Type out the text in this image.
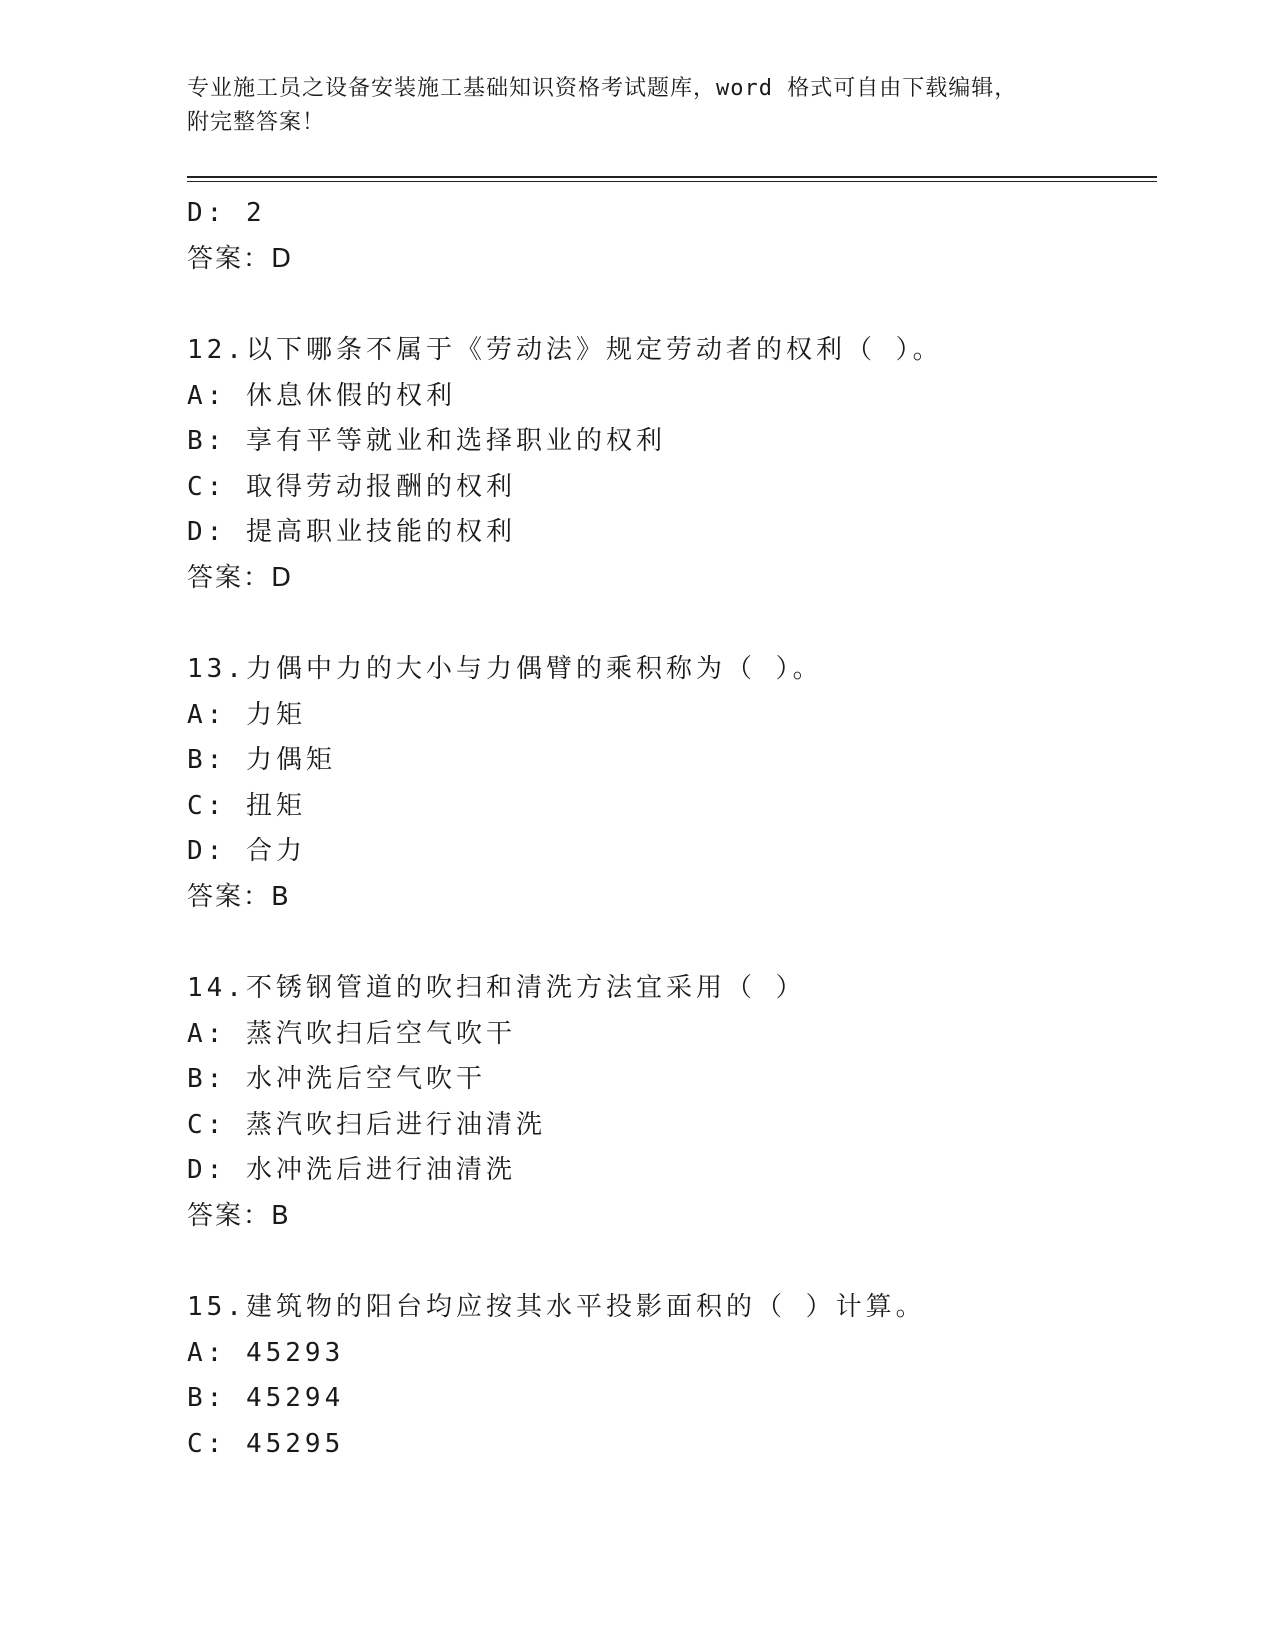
专业施工员之设备安装施工基础知识资格考试题库，word 格式可自由下载编辑，
附完整答案！
D: 2
答案：D
12.以下哪条不属于《劳动法》规定劳动者的权利（ ）。
A: 休息休假的权利
B: 享有平等就业和选择职业的权利
C: 取得劳动报酬的权利
D: 提高职业技能的权利
答案：D
13.力偶中力的大小与力偶臂的乘积称为（ ）。
A: 力矩
B: 力偶矩
C: 扭矩
D: 合力
答案：B
14.不锈钢管道的吹扫和清洗方法宜采用（ ）
A: 蒸汽吹扫后空气吹干
B: 水冲洗后空气吹干
C: 蒸汽吹扫后进行油清洗
D: 水冲洗后进行油清洗
答案：B
15.建筑物的阳台均应按其水平投影面积的（ ）计算。
A: 45293
B: 45294
C: 45295
